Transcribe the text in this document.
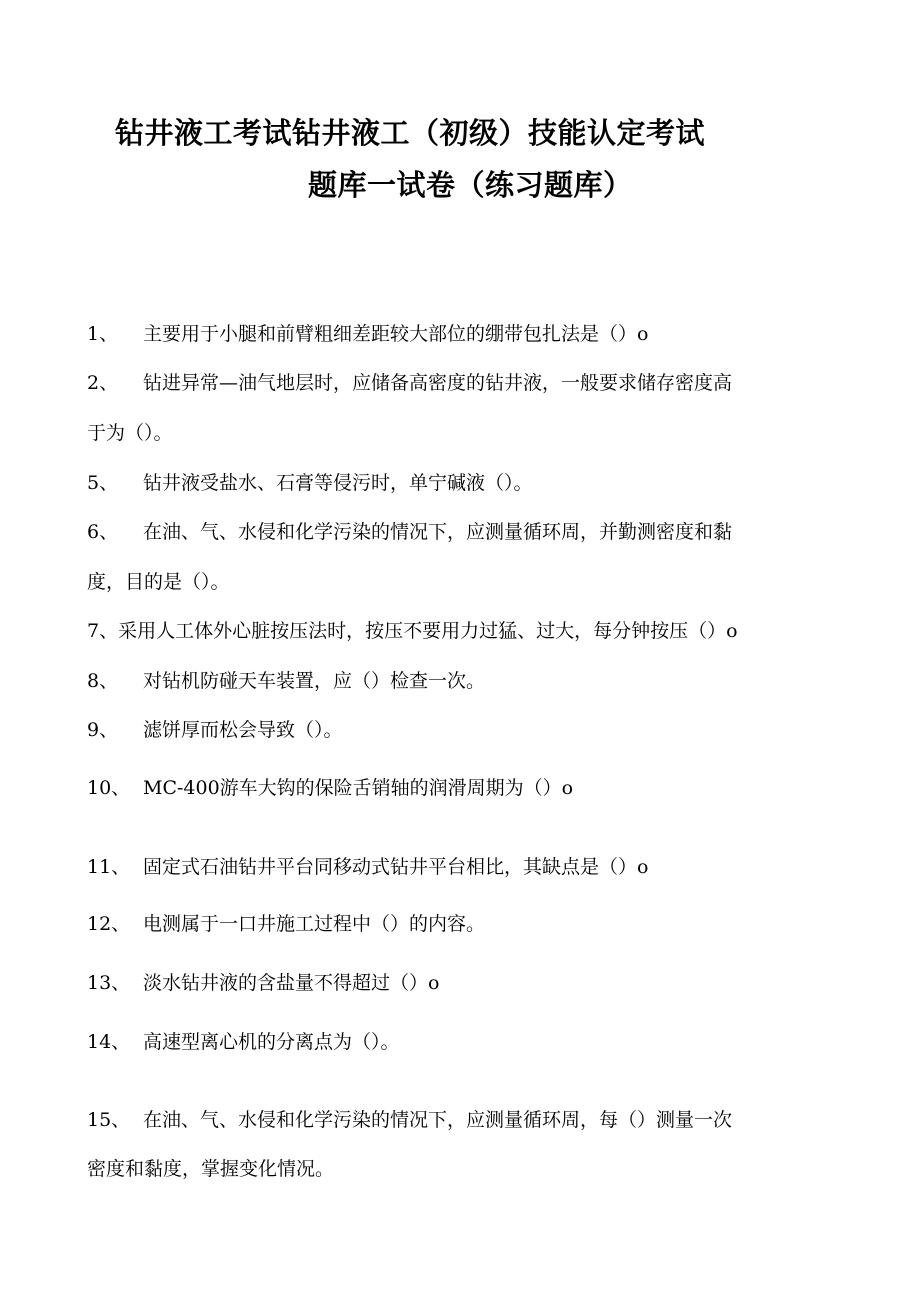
钻井液工考试钻井液工（初级）技能认定考试
题库一试卷（练习题库）
1、 主要用于小腿和前臂粗细差距较大部位的绷带包扎法是（）o
2、 钻进异常—油气地层时，应储备高密度的钻井液，一般要求储存密度高
于为（）。
5、 钻井液受盐水、石膏等侵污时，单宁碱液（）。
6、 在油、气、水侵和化学污染的情况下，应测量循环周，并勤测密度和黏
度，目的是（）。
7、采用人工体外心脏按压法时，按压不要用力过猛、过大，每分钟按压（）o
8、 对钻机防碰天车装置，应（）检查一次。
9、 滤饼厚而松会导致（）。
10、 MC-400游车大钩的保险舌销轴的润滑周期为（）o
11、 固定式石油钻井平台同移动式钻井平台相比，其缺点是（）o
12、 电测属于一口井施工过程中（）的内容。
13、 淡水钻井液的含盐量不得超过（）o
14、 高速型离心机的分离点为（）。
15、 在油、气、水侵和化学污染的情况下，应测量循环周，每（）测量一次
密度和黏度，掌握变化情况。
